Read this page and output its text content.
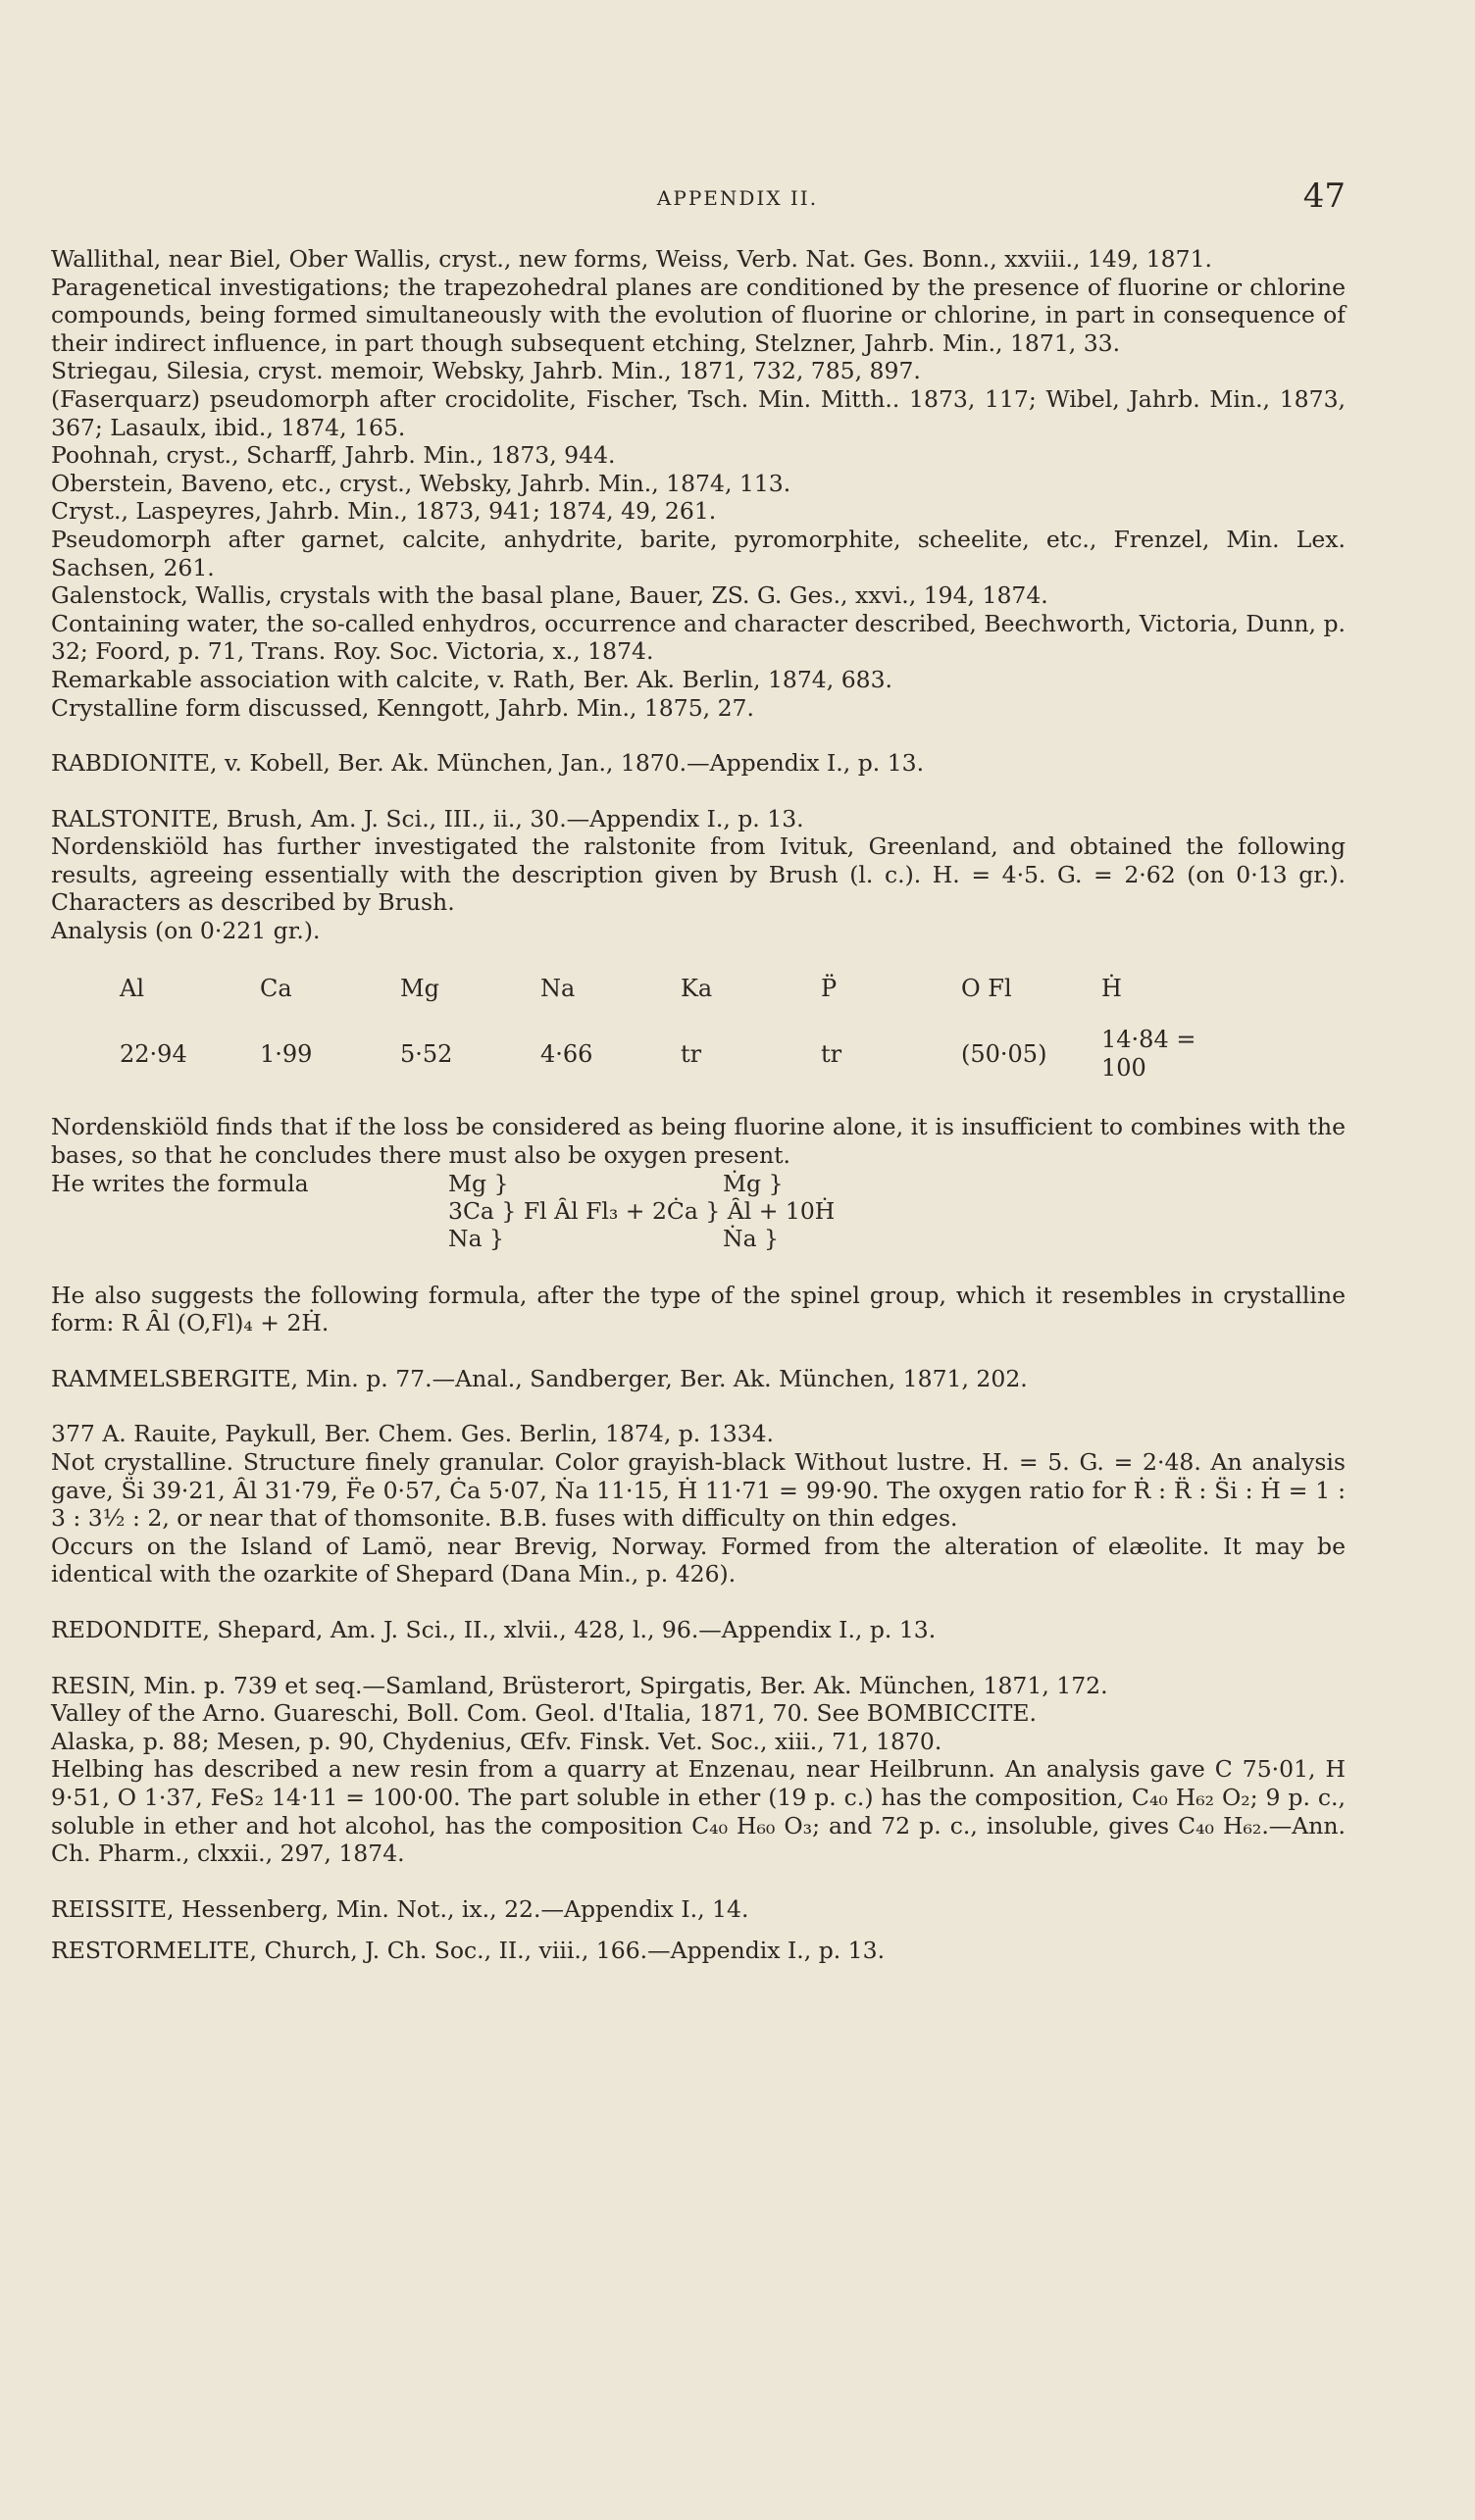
APPENDIX II.	47

Wallithal, near Biel, Ober Wallis, cryst., new forms, Weiss, Verb. Nat. Ges. Bonn., xxviii., 149, 1871.

Paragenetical investigations; the trapezohedral planes are conditioned by the presence of fluorine or chlorine compounds, being formed simultaneously with the evolution of fluorine or chlorine, in part in consequence of their indirect influence, in part though subsequent etching, Stelzner, Jahrb. Min., 1871, 33.

Striegau, Silesia, cryst. memoir, Websky, Jahrb. Min., 1871, 732, 785, 897.

(Faserquarz) pseudomorph after crocidolite, Fischer, Tsch. Min. Mitth.. 1873, 117; Wibel, Jahrb. Min., 1873, 367; Lasaulx, ibid., 1874, 165.

Poohnah, cryst., Scharff, Jahrb. Min., 1873, 944.

Oberstein, Baveno, etc., cryst., Websky, Jahrb. Min., 1874, 113.

Cryst., Laspeyres, Jahrb. Min., 1873, 941; 1874, 49, 261.

Pseudomorph after garnet, calcite, anhydrite, barite, pyromorphite, scheelite, etc., Frenzel, Min. Lex. Sachsen, 261.

Galenstock, Wallis, crystals with the basal plane, Bauer, ZS. G. Ges., xxvi., 194, 1874.

Containing water, the so-called enhydros, occurrence and character described, Beechworth, Victoria, Dunn, p. 32; Foord, p. 71, Trans. Roy. Soc. Victoria, x., 1874.

Remarkable association with calcite, v. Rath, Ber. Ak. Berlin, 1874, 683.

Crystalline form discussed, Kenngott, Jahrb. Min., 1875, 27.

RABDIONITE, v. Kobell, Ber. Ak. München, Jan., 1870.—Appendix I., p. 13.

RALSTONITE, Brush, Am. J. Sci., III., ii., 30.—Appendix I., p. 13.

Nordenskiöld has further investigated the ralstonite from Ivituk, Greenland, and obtained the following results, agreeing essentially with the description given by Brush (l. c.). H. = 4·5. G. = 2·62 (on 0·13 gr.). Characters as described by Brush.

Analysis (on 0·221 gr.).

Al	Ca	Mg	Na	Ka	P̈	O Fl	Ḣ
22·94	1·99	5·52	4·66	tr	tr	(50·05)	14·84 = 100

Nordenskiöld finds that if the loss be considered as being fluorine alone, it is insufficient to combines with the bases, so that he concludes there must also be oxygen present.

He writes the formula	Mg }
3Ca } Fl Ȃl Fl₃ + 2Ċa } Ȃl + 10Ḣ
Na }
Ṁg }
Ṅa }

He also suggests the following formula, after the type of the spinel group, which it resembles in crystalline form: R Ȃl (O,Fl)₄ + 2Ḣ.

RAMMELSBERGITE, Min. p. 77.—Anal., Sandberger, Ber. Ak. München, 1871, 202.

377 A. Rauite, Paykull, Ber. Chem. Ges. Berlin, 1874, p. 1334.

Not crystalline. Structure finely granular. Color grayish-black Without lustre. H. = 5. G. = 2·48. An analysis gave, S̈i 39·21, Ȃl 31·79, F̈e 0·57, Ċa 5·07, Ṅa 11·15, Ḣ 11·71 = 99·90. The oxygen ratio for Ṙ : R̈ : S̈i : Ḣ = 1 : 3 : 3½ : 2, or near that of thomsonite. B.B. fuses with difficulty on thin edges.

Occurs on the Island of Lamö, near Brevig, Norway. Formed from the alteration of elæolite. It may be identical with the ozarkite of Shepard (Dana Min., p. 426).

REDONDITE, Shepard, Am. J. Sci., II., xlvii., 428, l., 96.—Appendix I., p. 13.

RESIN, Min. p. 739 et seq.—Samland, Brüsterort, Spirgatis, Ber. Ak. München, 1871, 172.

Valley of the Arno. Guareschi, Boll. Com. Geol. d'Italia, 1871, 70. See BOMBICCITE.

Alaska, p. 88; Mesen, p. 90, Chydenius, Œfv. Finsk. Vet. Soc., xiii., 71, 1870.

Helbing has described a new resin from a quarry at Enzenau, near Heilbrunn. An analysis gave C 75·01, H 9·51, O 1·37, FeS₂ 14·11 = 100·00. The part soluble in ether (19 p. c.) has the composition, C₄₀ H₆₂ O₂; 9 p. c., soluble in ether and hot alcohol, has the composition C₄₀ H₆₀ O₃; and 72 p. c., insoluble, gives C₄₀ H₆₂.—Ann. Ch. Pharm., clxxii., 297, 1874.

REISSITE, Hessenberg, Min. Not., ix., 22.—Appendix I., 14.

RESTORMELITE, Church, J. Ch. Soc., II., viii., 166.—Appendix I., p. 13.
